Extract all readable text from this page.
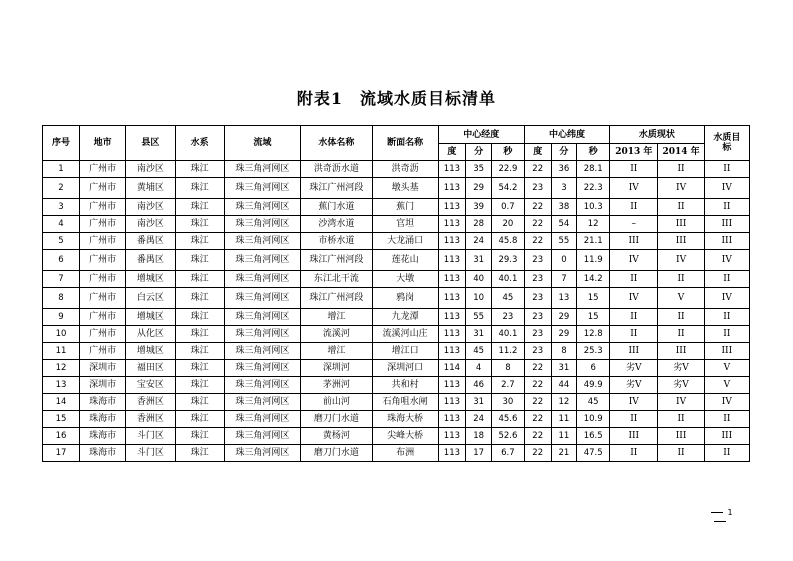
附表1　流域水质目标清单
序号	地市	县区	水系	流域	水体名称	断面名称	中心经度			中心纬度			水质现状		水质目标
							度	分	秒	度	分	秒	2013 年	2014 年	
1	广州市	南沙区	珠江	珠三角河网区	洪奇沥水道	洪奇沥	113	35	22.9	22	36	28.1	II	II	II
2	广州市	黄埔区	珠江	珠三角河网区	珠江广州河段	墩头基	113	29	54.2	23	3	22.3	IV	IV	IV
3	广州市	南沙区	珠江	珠三角河网区	蕉门水道	蕉门	113	39	0.7	22	38	10.3	II	II	II
4	广州市	南沙区	珠江	珠三角河网区	沙湾水道	官坦	113	28	20	22	54	12	–	III	III
5	广州市	番禺区	珠江	珠三角河网区	市桥水道	大龙涌口	113	24	45.8	22	55	21.1	III	III	III
6	广州市	番禺区	珠江	珠三角河网区	珠江广州河段	莲花山	113	31	29.3	23	0	11.9	IV	IV	IV
7	广州市	增城区	珠江	珠三角河网区	东江北干流	大墩	113	40	40.1	23	7	14.2	II	II	II
8	广州市	白云区	珠江	珠三角河网区	珠江广州河段	鸦岗	113	10	45	23	13	15	IV	V	IV
9	广州市	增城区	珠江	珠三角河网区	增江	九龙潭	113	55	23	23	29	15	II	II	II
10	广州市	从化区	珠江	珠三角河网区	流溪河	流溪河山庄	113	31	40.1	23	29	12.8	II	II	II
11	广州市	增城区	珠江	珠三角河网区	增江	增江口	113	45	11.2	23	8	25.3	III	III	III
12	深圳市	福田区	珠江	珠三角河网区	深圳河	深圳河口	114	4	8	22	31	6	劣V	劣V	V
13	深圳市	宝安区	珠江	珠三角河网区	茅洲河	共和村	113	46	2.7	22	44	49.9	劣V	劣V	V
14	珠海市	香洲区	珠江	珠三角河网区	前山河	石角咀水闸	113	31	30	22	12	45	IV	IV	IV
15	珠海市	香洲区	珠江	珠三角河网区	磨刀门水道	珠海大桥	113	24	45.6	22	11	10.9	II	II	II
16	珠海市	斗门区	珠江	珠三角河网区	黄杨河	尖峰大桥	113	18	52.6	22	11	16.5	III	III	III
17	珠海市	斗门区	珠江	珠三角河网区	磨刀门水道	布洲	113	17	6.7	22	21	47.5	II	II	II
1
